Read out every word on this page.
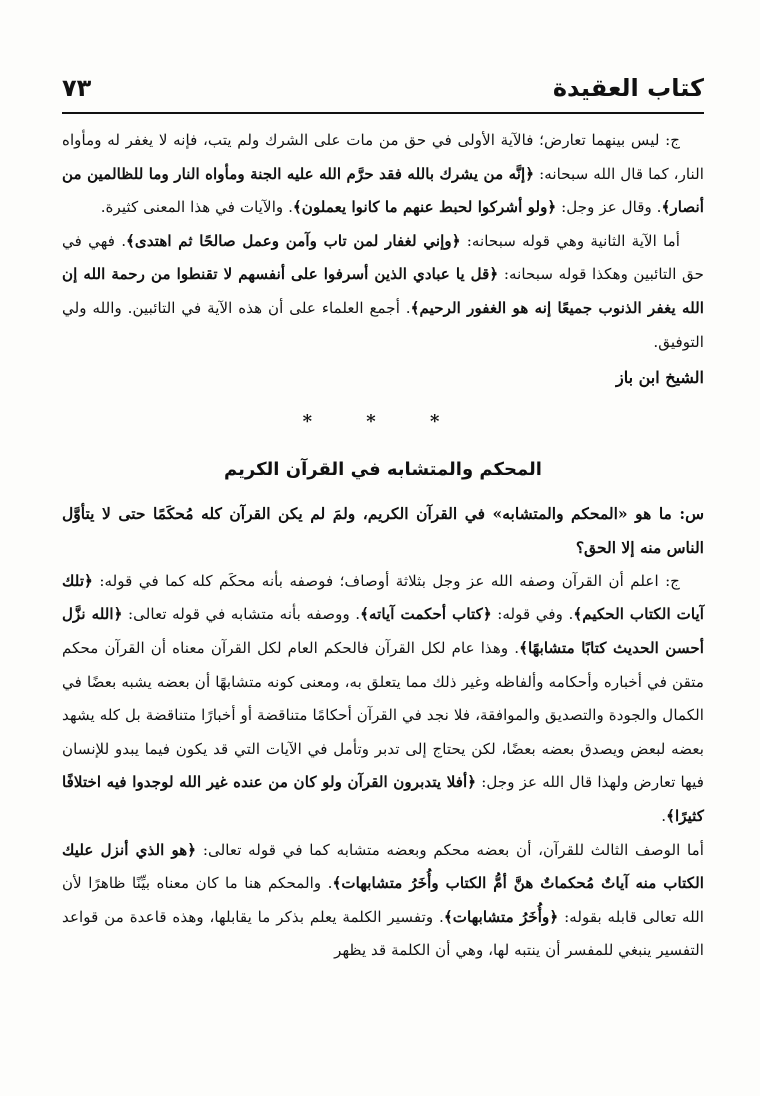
كتاب العقيدة
٧٣

ج: ليس بينهما تعارض؛ فالآية الأولى في حق من مات على الشرك ولم يتب، فإنه لا يغفر له ومأواه النار، كما قال الله سبحانه: ﴿إنَّه من يشرك بالله فقد حرَّم الله عليه الجنة ومأواه النار وما للظالمين من أنصار﴾. وقال عز وجل: ﴿ولو أشركوا لحبط عنهم ما كانوا يعملون﴾. والآيات في هذا المعنى كثيرة.

أما الآية الثانية وهي قوله سبحانه: ﴿وإني لغفار لمن تاب وآمن وعمل صالحًا ثم اهتدى﴾. فهي في حق التائبين وهكذا قوله سبحانه: ﴿قل يا عبادي الذين أسرفوا على أنفسهم لا تقنطوا من رحمة الله إن الله يغفر الذنوب جميعًا إنه هو الغفور الرحيم﴾. أجمع العلماء على أن هذه الآية في التائبين. والله ولي التوفيق.

الشيخ ابن باز
* * *
المحكم والمتشابه في القرآن الكريم

س: ما هو «المحكم والمتشابه» في القرآن الكريم، ولمَ لم يكن القرآن كله مُحكَمًا حتى لا يتأوَّل الناس منه إلا الحق؟

ج: اعلم أن القرآن وصفه الله عز وجل بثلاثة أوصاف؛ فوصفه بأنه محكَم كله كما في قوله: ﴿تلك آيات الكتاب الحكيم﴾. وفي قوله: ﴿كتاب أحكمت آياته﴾. ووصفه بأنه متشابه في قوله تعالى: ﴿الله نزَّل أحسن الحديث كتابًا متشابهًا﴾. وهذا عام لكل القرآن فالحكم العام لكل القرآن معناه أن القرآن محكم متقن في أخباره وأحكامه وألفاظه وغير ذلك مما يتعلق به، ومعنى كونه متشابهًا أن بعضه يشبه بعضًا في الكمال والجودة والتصديق والموافقة، فلا نجد في القرآن أحكامًا متناقضة أو أخبارًا متناقضة بل كله يشهد بعضه لبعض ويصدق بعضه بعضًا، لكن يحتاج إلى تدبر وتأمل في الآيات التي قد يكون فيما يبدو للإنسان فيها تعارض ولهذا قال الله عز وجل: ﴿أفلا يتدبرون القرآن ولو كان من عنده غير الله لوجدوا فيه اختلافًا كثيرًا﴾.

أما الوصف الثالث للقرآن، أن بعضه محكم وبعضه متشابه كما في قوله تعالى: ﴿هو الذي أنزل عليك الكتاب منه آياتٌ مُحكماتٌ هنَّ أمُّ الكتاب وأُخَرُ متشابهات﴾. والمحكم هنا ما كان معناه بيِّنًا ظاهرًا لأن الله تعالى قابله بقوله: ﴿وأُخَرُ متشابهات﴾. وتفسير الكلمة يعلم بذكر ما يقابلها، وهذه قاعدة من قواعد التفسير ينبغي للمفسر أن ينتبه لها، وهي أن الكلمة قد يظهر
